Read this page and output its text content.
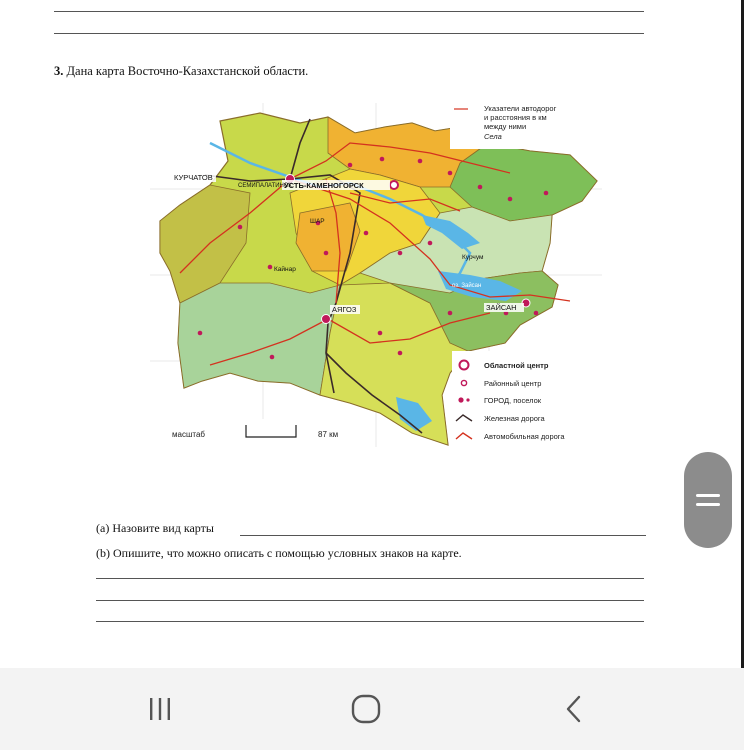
3. Дана карта Восточно-Казахстанской области.
УСТЬ-КАМЕНОГОРСК
КУРЧАТОВ
СЕМИПАЛАТИНСК
АЯГОЗ	ЗАЙСАН
ШАР
Кайнар
Курчум
оз. Зайсан
Указатели автодорог
и расстояния в км
между ними
Села
Областной центр
Районный центр
ГОРОД, поселок
Железная дорога
Автомобильная дорога
масштаб	87 км
(a) Назовите вид карты
(b) Опишите, что можно описать с помощью условных знаков на карте.
